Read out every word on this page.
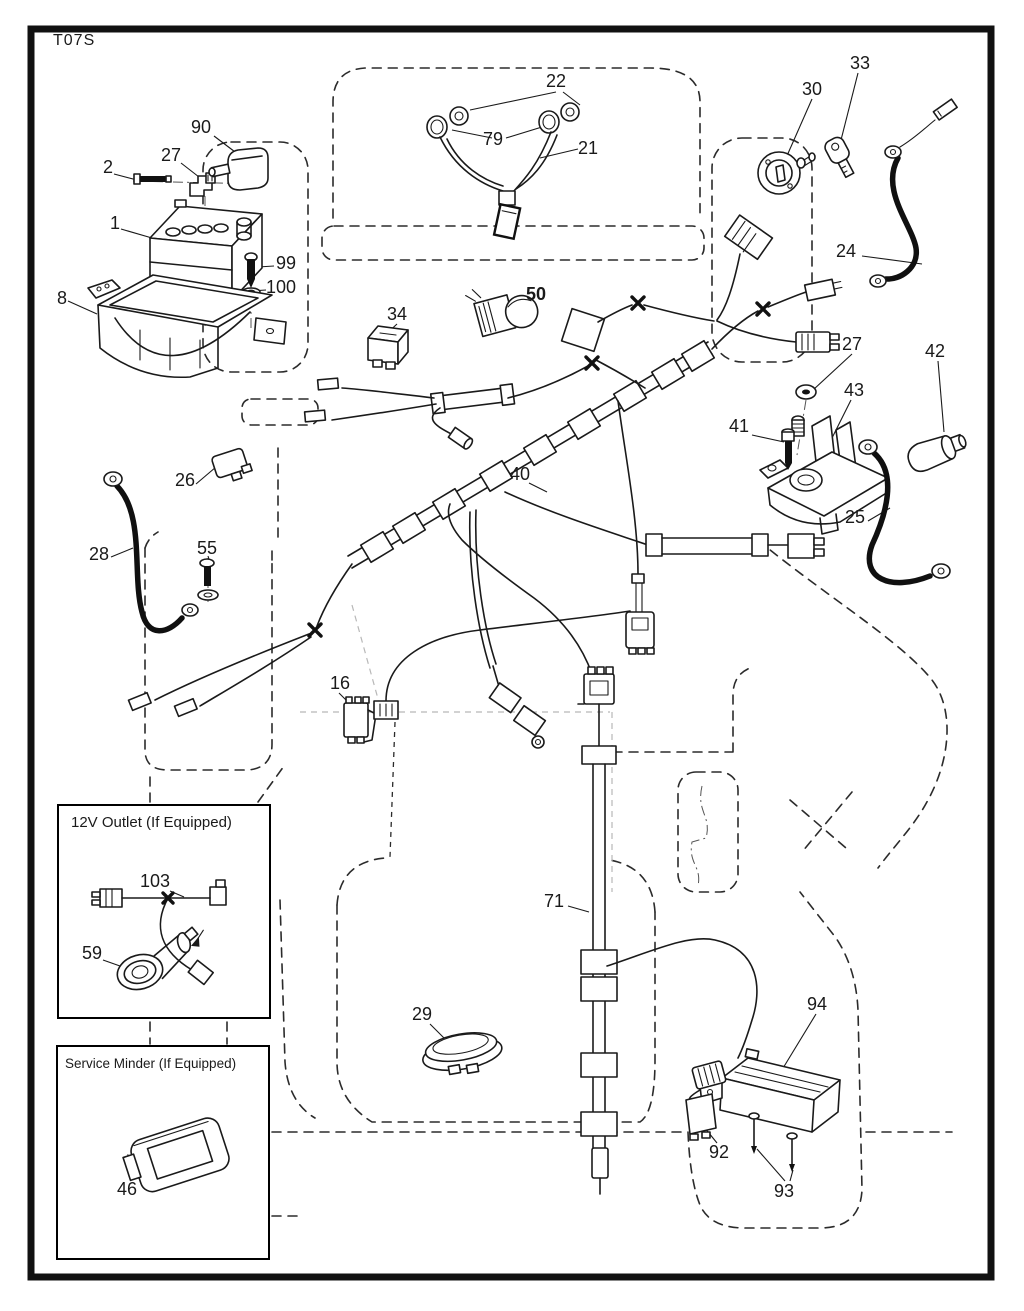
T07S
90
27
2
1
99
100
8
22
79	21
30
33
24
34
50
26	40
28	55
27	42
43
41
25
16
103
59
71
29	94
92
93
46
12V Outlet (If Equipped)
Service Minder (If Equipped)
